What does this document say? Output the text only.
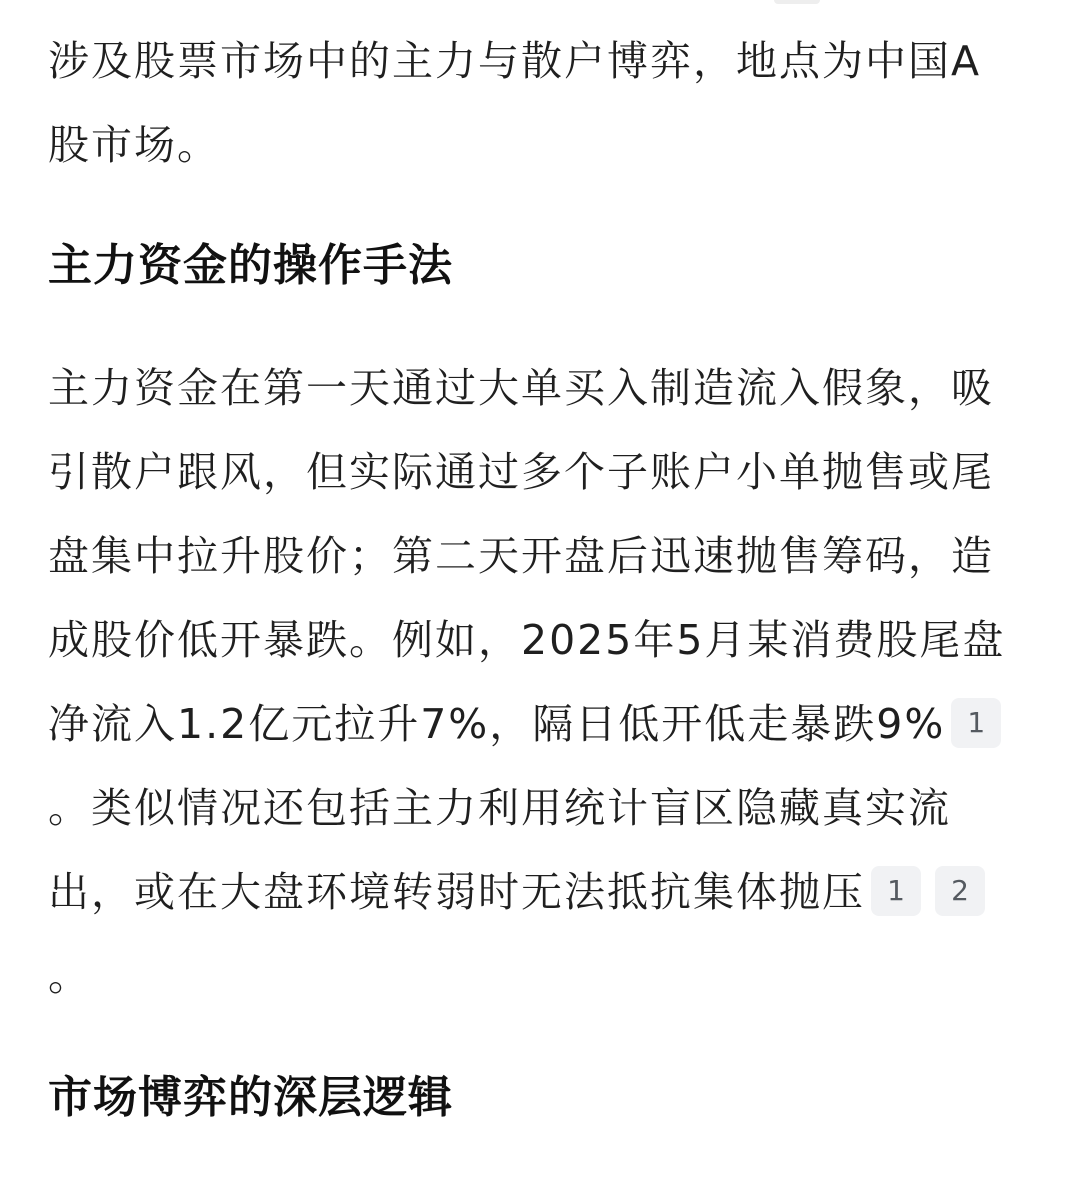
涉及股票市场中的主力与散户博弈，地点为中国A股市场。

主力资金的操作手法

主力资金在第一天通过大单买入制造流入假象，吸引散户跟风，但实际通过多个子账户小单抛售或尾盘集中拉升股价；第二天开盘后迅速抛售筹码，造成股价低开暴跌。例如，2025年5月某消费股尾盘净流入1.2亿元拉升7%，隔日低开低走暴跌9% 1。类似情况还包括主力利用统计盲区隐藏真实流出，或在大盘环境转弱时无法抵抗集体抛压 1 2。

市场博弈的深层逻辑
